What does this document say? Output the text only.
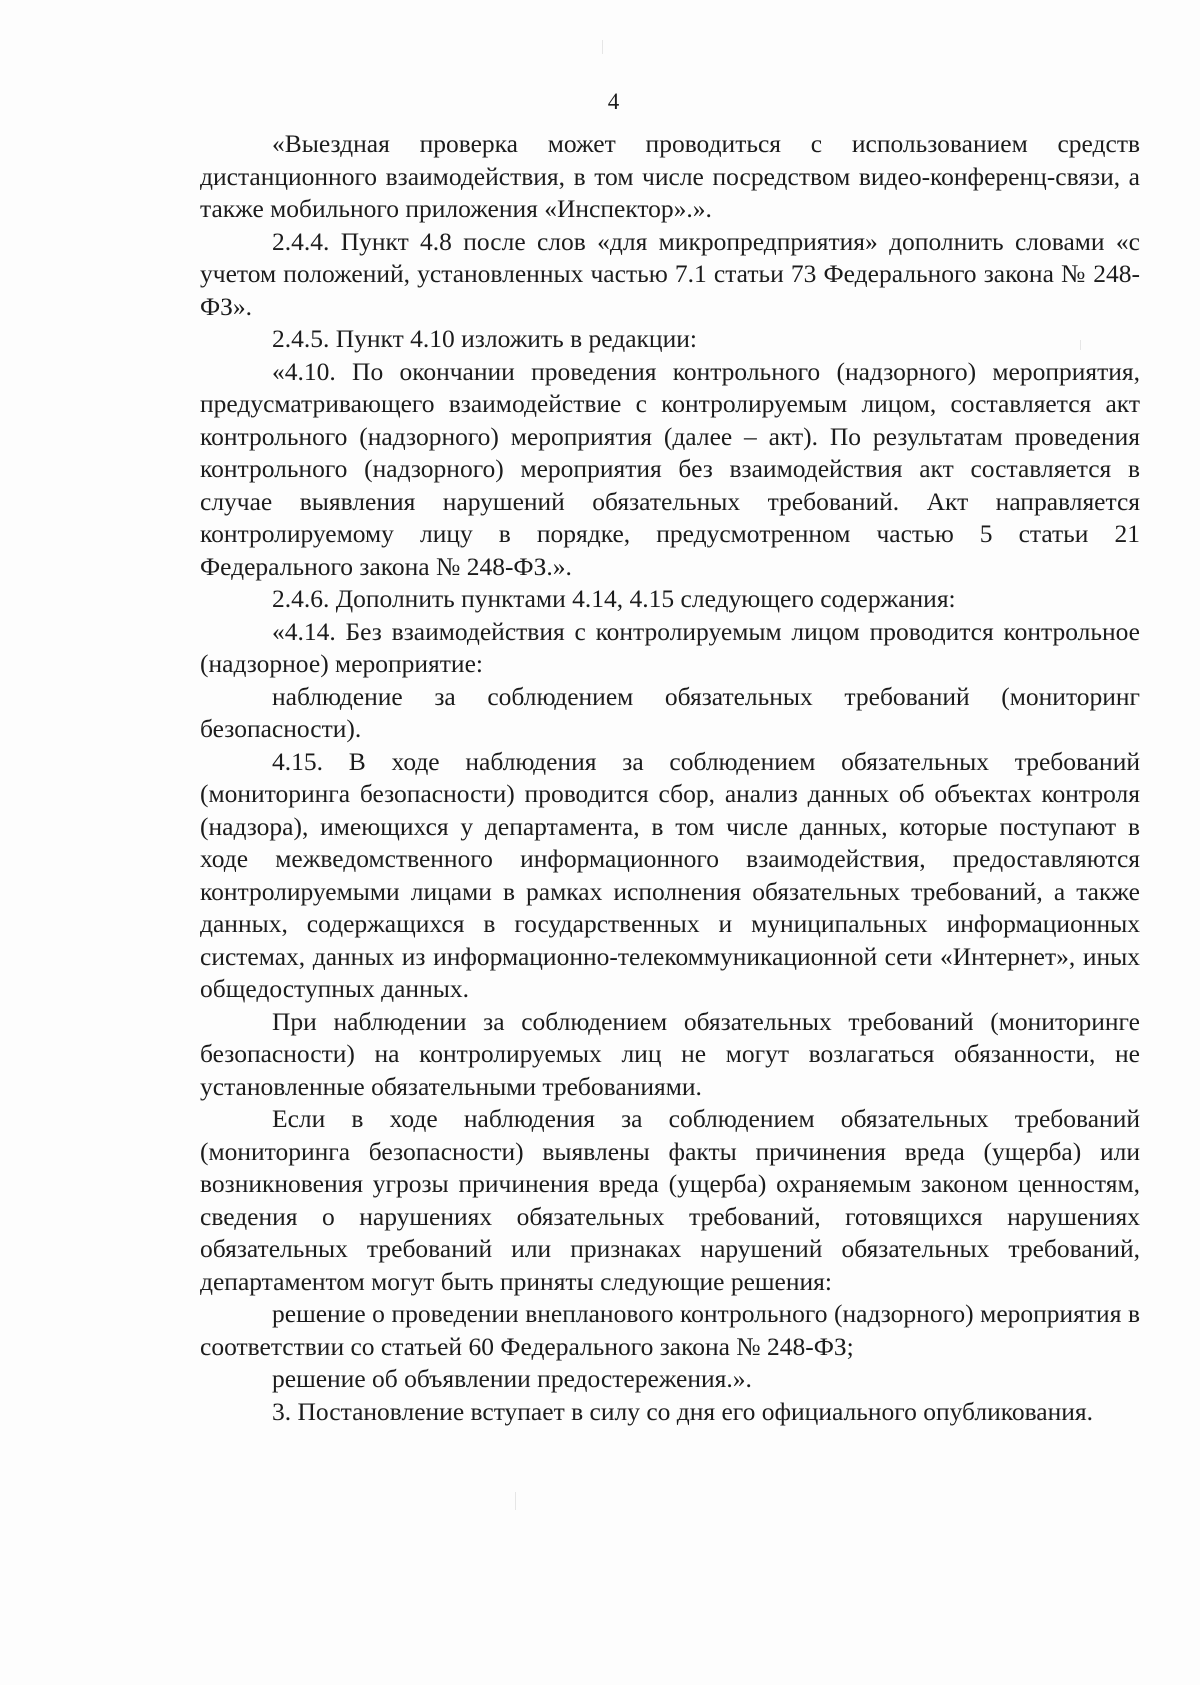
4

«Выездная проверка может проводиться с использованием средств дистанционного взаимодействия, в том числе посредством видео-конференц-связи, а также мобильного приложения «Инспектор».».

2.4.4. Пункт 4.8 после слов «для микропредприятия» дополнить словами «с учетом положений, установленных частью 7.1 статьи 73 Федерального закона № 248-ФЗ».

2.4.5. Пункт 4.10 изложить в редакции:

«4.10. По окончании проведения контрольного (надзорного) мероприятия, предусматривающего взаимодействие с контролируемым лицом, составляется акт контрольного (надзорного) мероприятия (далее – акт). По результатам проведения контрольного (надзорного) мероприятия без взаимодействия акт составляется в случае выявления нарушений обязательных требований. Акт направляется контролируемому лицу в порядке, предусмотренном частью 5 статьи 21 Федерального закона № 248-ФЗ.».

2.4.6. Дополнить пунктами 4.14, 4.15 следующего содержания:

«4.14. Без взаимодействия с контролируемым лицом проводится контрольное (надзорное) мероприятие:

наблюдение за соблюдением обязательных требований (мониторинг безопасности).

4.15. В ходе наблюдения за соблюдением обязательных требований (мониторинга безопасности) проводится сбор, анализ данных об объектах контроля (надзора), имеющихся у департамента, в том числе данных, которые поступают в ходе межведомственного информационного взаимодействия, предоставляются контролируемыми лицами в рамках исполнения обязательных требований, а также данных, содержащихся в государственных и муниципальных информационных системах, данных из информационно-телекоммуникационной сети «Интернет», иных общедоступных данных.

При наблюдении за соблюдением обязательных требований (мониторинге безопасности) на контролируемых лиц не могут возлагаться обязанности, не установленные обязательными требованиями.

Если в ходе наблюдения за соблюдением обязательных требований (мониторинга безопасности) выявлены факты причинения вреда (ущерба) или возникновения угрозы причинения вреда (ущерба) охраняемым законом ценностям, сведения о нарушениях обязательных требований, готовящихся нарушениях обязательных требований или признаках нарушений обязательных требований, департаментом могут быть приняты следующие решения:

решение о проведении внепланового контрольного (надзорного) мероприятия в соответствии со статьей 60 Федерального закона № 248-ФЗ;

решение об объявлении предостережения.».

3. Постановление вступает в силу со дня его официального опубликования.
